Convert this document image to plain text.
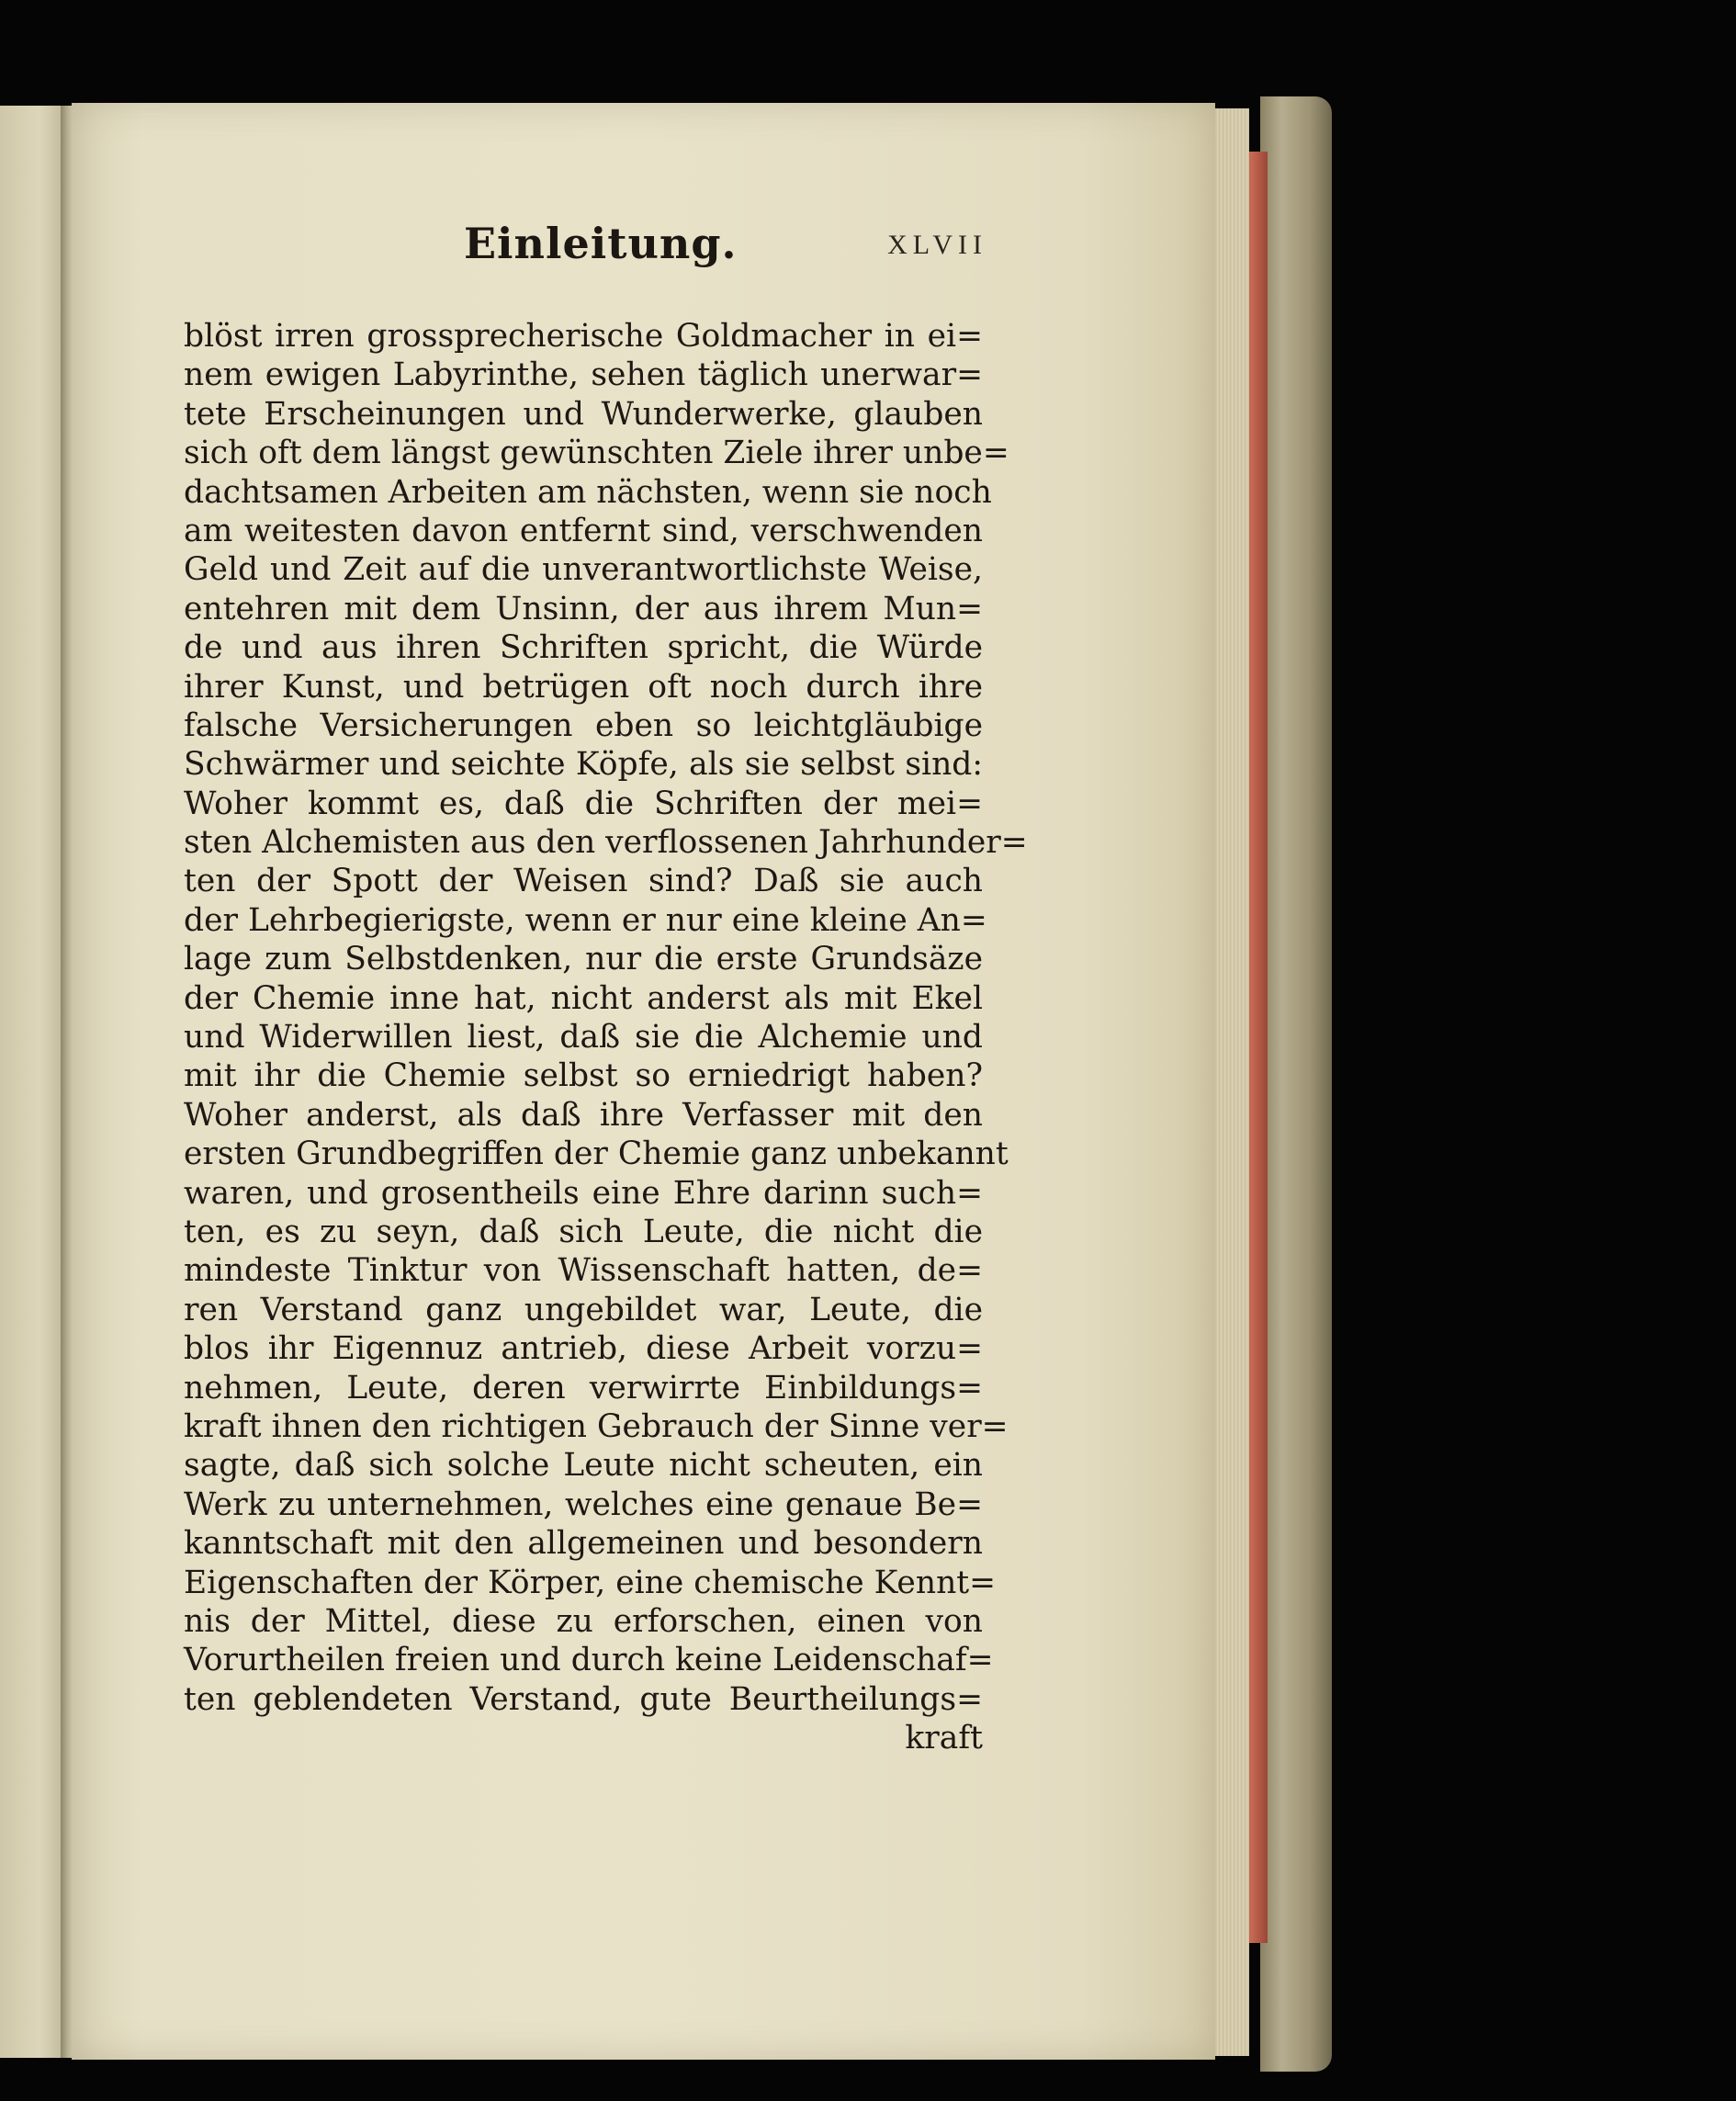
Einleitung.	XLVII
blöst irren grossprecherische Goldmacher in ei=
nem ewigen Labyrinthe, sehen täglich unerwar=
tete Erscheinungen und Wunderwerke, glauben
sich oft dem längst gewünschten Ziele ihrer unbe=
dachtsamen Arbeiten am nächsten, wenn sie noch
am weitesten davon entfernt sind, verschwenden
Geld und Zeit auf die unverantwortlichste Weise,
entehren mit dem Unsinn, der aus ihrem Mun=
de und aus ihren Schriften spricht, die Würde
ihrer Kunst, und betrügen oft noch durch ihre
falsche Versicherungen eben so leichtgläubige
Schwärmer und seichte Köpfe, als sie selbst sind:
Woher kommt es, daß die Schriften der mei=
sten Alchemisten aus den verflossenen Jahrhunder=
ten der Spott der Weisen sind? Daß sie auch
der Lehrbegierigste, wenn er nur eine kleine An=
lage zum Selbstdenken, nur die erste Grundsäze
der Chemie inne hat, nicht anderst als mit Ekel
und Widerwillen liest, daß sie die Alchemie und
mit ihr die Chemie selbst so erniedrigt haben?
Woher anderst, als daß ihre Verfasser mit den
ersten Grundbegriffen der Chemie ganz unbekannt
waren, und grosentheils eine Ehre darinn such=
ten, es zu seyn, daß sich Leute, die nicht die
mindeste Tinktur von Wissenschaft hatten, de=
ren Verstand ganz ungebildet war, Leute, die
blos ihr Eigennuz antrieb, diese Arbeit vorzu=
nehmen, Leute, deren verwirrte Einbildungs=
kraft ihnen den richtigen Gebrauch der Sinne ver=
sagte, daß sich solche Leute nicht scheuten, ein
Werk zu unternehmen, welches eine genaue Be=
kanntschaft mit den allgemeinen und besondern
Eigenschaften der Körper, eine chemische Kennt=
nis der Mittel, diese zu erforschen, einen von
Vorurtheilen freien und durch keine Leidenschaf=
ten geblendeten Verstand, gute Beurtheilungs=
kraft
